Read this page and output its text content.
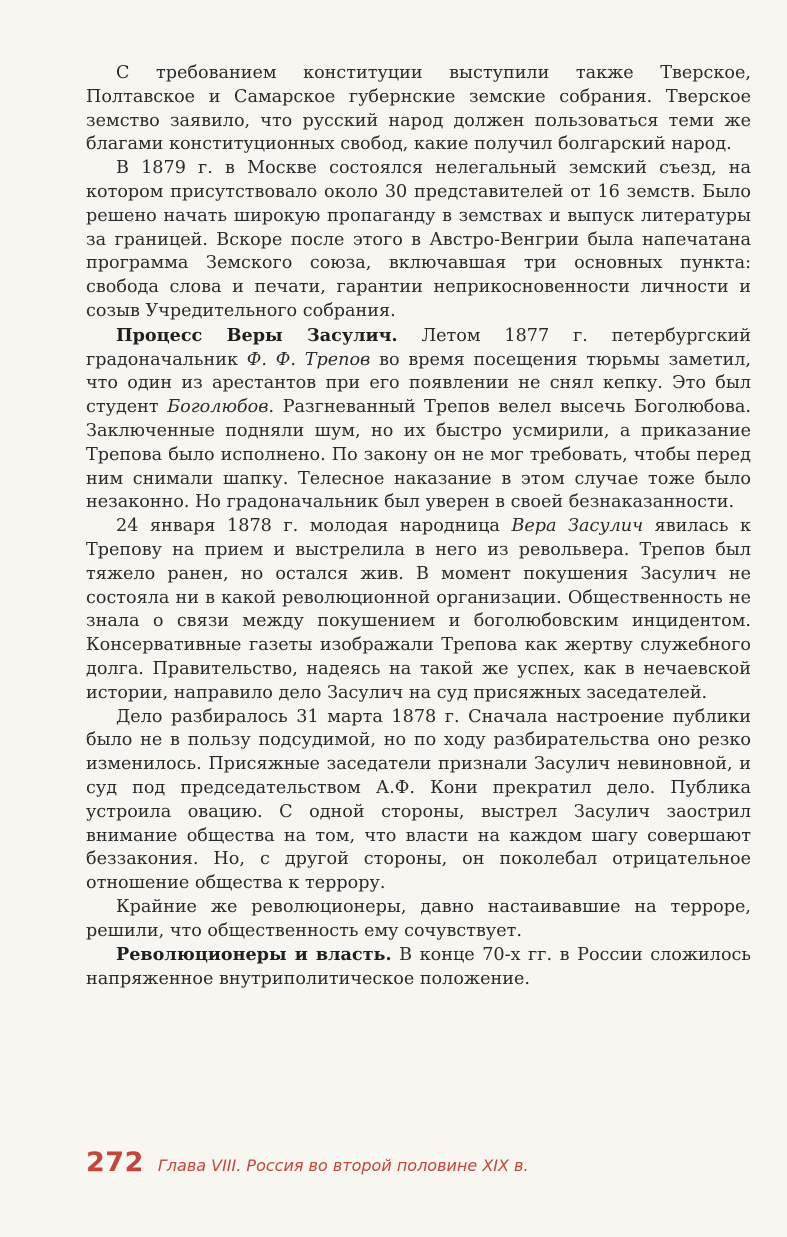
С требованием конституции выступили также Тверское, Полтавское и Самарское губернские земские собрания. Тверское земство заявило, что русский народ должен пользоваться теми же благами конституционных свобод, какие получил болгарский народ.

В 1879 г. в Москве состоялся нелегальный земский съезд, на котором присутствовало около 30 представителей от 16 земств. Было решено начать широкую пропаганду в земствах и выпуск литературы за границей. Вскоре после этого в Австро-Венгрии была напечатана программа Земского союза, включавшая три основных пункта: свобода слова и печати, гарантии неприкосновенности личности и созыв Учредительного собрания.

Процесс Веры Засулич. Летом 1877 г. петербургский градоначальник Ф. Ф. Трепов во время посещения тюрьмы заметил, что один из арестантов при его появлении не снял кепку. Это был студент Боголюбов. Разгневанный Трепов велел высечь Боголюбова. Заключенные подняли шум, но их быстро усмирили, а приказание Трепова было исполнено. По закону он не мог требовать, чтобы перед ним снимали шапку. Телесное наказание в этом случае тоже было незаконно. Но градоначальник был уверен в своей безнаказанности.

24 января 1878 г. молодая народница Вера Засулич явилась к Трепову на прием и выстрелила в него из револьвера. Трепов был тяжело ранен, но остался жив. В момент покушения Засулич не состояла ни в какой революционной организации. Общественность не знала о связи между покушением и боголюбовским инцидентом. Консервативные газеты изображали Трепова как жертву служебного долга. Правительство, надеясь на такой же успех, как в нечаевской истории, направило дело Засулич на суд присяжных заседателей.

Дело разбиралось 31 марта 1878 г. Сначала настроение публики было не в пользу подсудимой, но по ходу разбирательства оно резко изменилось. Присяжные заседатели признали Засулич невиновной, и суд под председательством А.Ф. Кони прекратил дело. Публика устроила овацию. С одной стороны, выстрел Засулич заострил внимание общества на том, что власти на каждом шагу совершают беззакония. Но, с другой стороны, он поколебал отрицательное отношение общества к террору.

Крайние же революционеры, давно настаивавшие на терроре, решили, что общественность ему сочувствует.

Революционеры и власть. В конце 70-х гг. в России сложилось напряженное внутриполитическое положение.

272 Глава VIII. Россия во второй половине XIX в.
